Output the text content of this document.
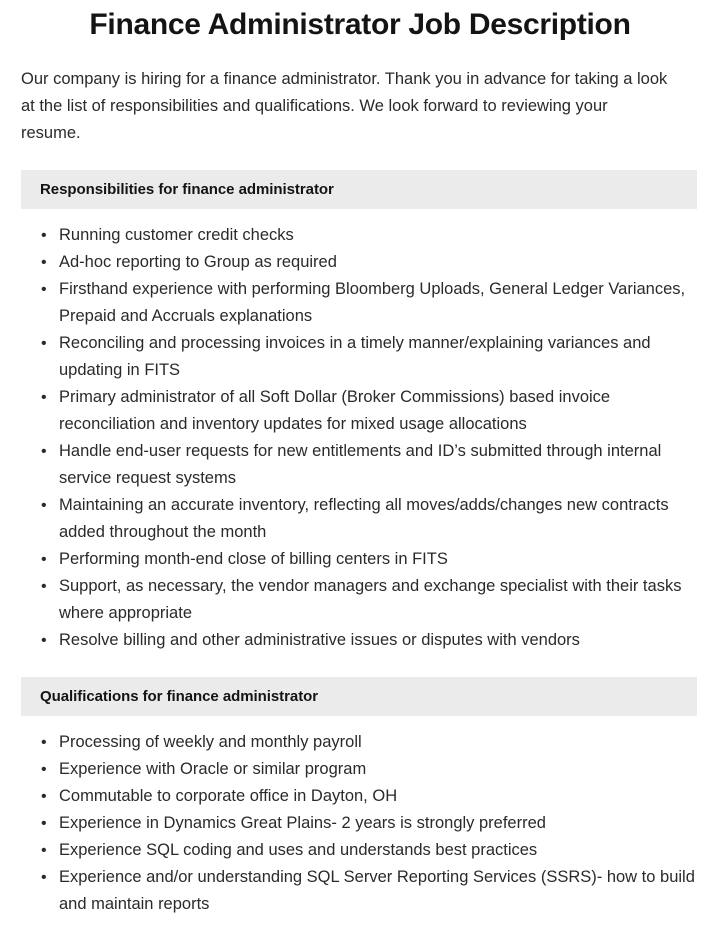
Finance Administrator Job Description

Our company is hiring for a finance administrator. Thank you in advance for taking a look at the list of responsibilities and qualifications. We look forward to reviewing your resume.

Responsibilities for finance administrator
• Running customer credit checks
• Ad-hoc reporting to Group as required
• Firsthand experience with performing Bloomberg Uploads, General Ledger Variances, Prepaid and Accruals explanations
• Reconciling and processing invoices in a timely manner/explaining variances and updating in FITS
• Primary administrator of all Soft Dollar (Broker Commissions) based invoice reconciliation and inventory updates for mixed usage allocations
• Handle end-user requests for new entitlements and ID’s submitted through internal service request systems
• Maintaining an accurate inventory, reflecting all moves/adds/changes new contracts added throughout the month
• Performing month-end close of billing centers in FITS
• Support, as necessary, the vendor managers and exchange specialist with their tasks where appropriate
• Resolve billing and other administrative issues or disputes with vendors
Qualifications for finance administrator
• Processing of weekly and monthly payroll
• Experience with Oracle or similar program
• Commutable to corporate office in Dayton, OH
• Experience in Dynamics Great Plains- 2 years is strongly preferred
• Experience SQL coding and uses and understands best practices
• Experience and/or understanding SQL Server Reporting Services (SSRS)- how to build and maintain reports
